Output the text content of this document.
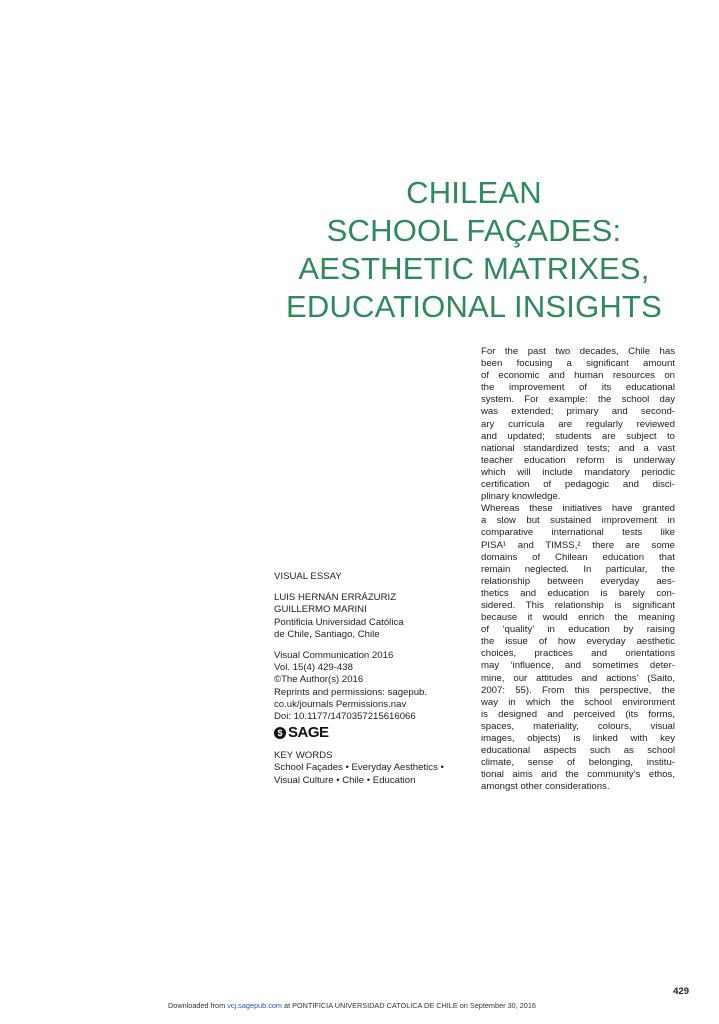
CHILEAN
SCHOOL FAÇADES:
AESTHETIC MATRIXES,
EDUCATIONAL INSIGHTS
VISUAL ESSAY
LUIS HERNÁN ERRÁZURIZ
GUILLERMO MARINI
Pontificia Universidad Católica
de Chile, Santiago, Chile
Visual Communication 2016
Vol. 15(4) 429-438
©The Author(s) 2016
Reprints and permissions: sagepub.
co.uk/journals Permissions.nav
Doi: 10.1177/1470357215616066
$ SAGE
KEY WORDS
School Façades • Everyday Aesthetics •
Visual Culture • Chile • Education
For the past two decades, Chile has
been focusing a significant amount
of economic and human resources on
the improvement of its educational
system. For example: the school day
was extended; primary and second-
ary curricula are regularly reviewed
and updated; students are subject to
national standardized tests; and a vast
teacher education reform is underway
which will include mandatory periodic
certification of pedagogic and disci-
plinary knowledge.
Whereas these initiatives have granted
a slow but sustained improvement in
comparative international tests like
PISA¹ and TIMSS,² there are some
domains of Chilean education that
remain neglected. In particular, the
relationship between everyday aes-
thetics and education is barely con-
sidered. This relationship is significant
because it would enrich the meaning
of ‘quality’ in education by raising
the issue of how everyday aesthetic
choices, practices and orientations
may ‘influence, and sometimes deter-
mine, our attitudes and actions’ (Saito,
2007: 55). From this perspective, the
way in which the school environment
is designed and perceived (its forms,
spaces, materiality, colours, visual
images, objects) is linked with key
educational aspects such as school
climate, sense of belonging, institu-
tional aims and the community’s ethos,
amongst other considerations.
429
Downloaded from vcj.sagepub.com at PONTIFICIA UNIVERSIDAD CATOLICA DE CHILE on September 30, 2016
